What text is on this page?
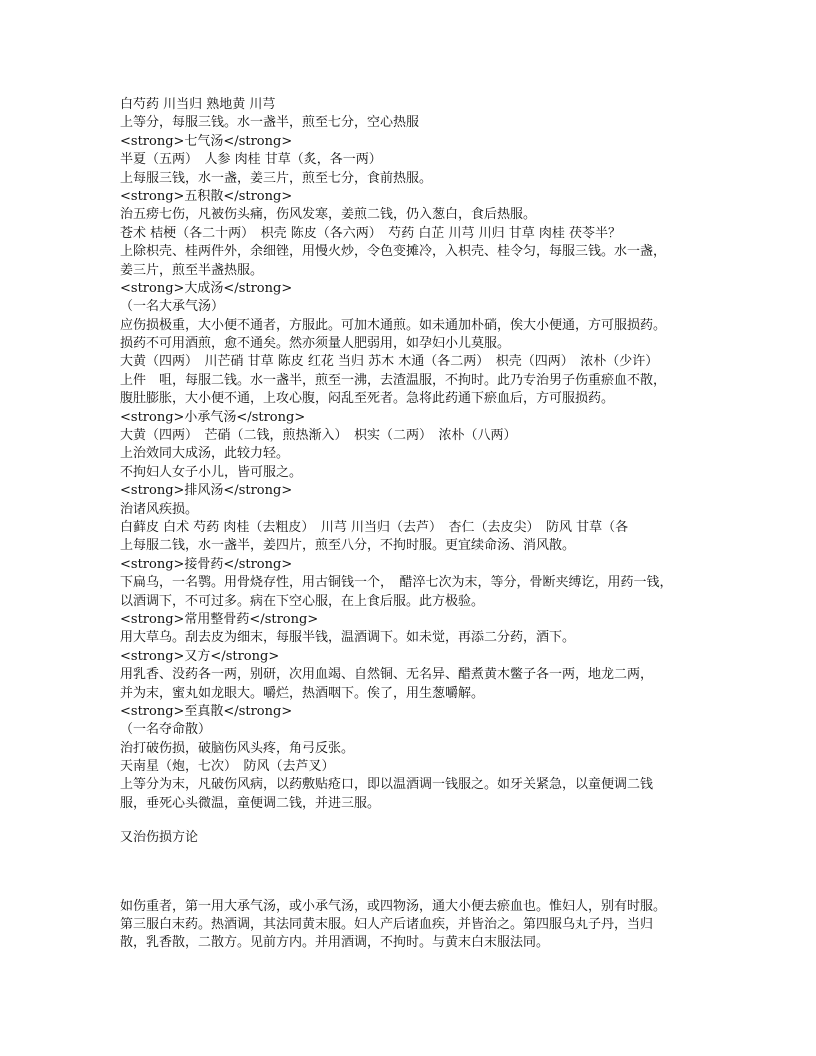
白芍药 川当归 熟地黄 川芎
上等分，每服三钱。水一盏半，煎至七分，空心热服
<strong>七气汤</strong>
半夏（五两）　人参 肉桂 甘草（炙，各一两）
上每服三钱，水一盏，姜三片，煎至七分，食前热服。
<strong>五积散</strong>
治五痨七伤，凡被伤头痛，伤风发寒，姜煎二钱，仍入葱白，食后热服。
苍术 桔梗（各二十两）　枳壳 陈皮（各六两）　芍药 白芷 川芎 川归 甘草 肉桂 茯苓半？
上除枳壳、桂两件外，余细锉，用慢火炒，令色变摊冷，入枳壳、桂令匀，每服三钱。水一盏，
姜三片，煎至半盏热服。
<strong>大成汤</strong>
（一名大承气汤）
应伤损极重，大小便不通者，方服此。可加木通煎。如未通加朴硝，俟大小便通，方可服损药。
损药不可用酒煎，愈不通矣。然亦须量人肥弱用，如孕妇小儿莫服。
大黄（四两）　川芒硝 甘草 陈皮 红花 当归 苏木 木通（各二两）　枳壳（四两）　浓朴（少许）
上件　咀，每服二钱。水一盏半，煎至一沸，去渣温服，不拘时。此乃专治男子伤重瘀血不散，
腹肚膨胀，大小便不通，上攻心腹，闷乱至死者。急将此药通下瘀血后，方可服损药。
<strong>小承气汤</strong>
大黄（四两）　芒硝（二钱，煎热渐入）　枳实（二两）　浓朴（八两）
上治效同大成汤，此较力轻。
不拘妇人女子小儿，皆可服之。
<strong>排风汤</strong>
治诸风疾损。
白藓皮 白术 芍药 肉桂（去粗皮）　川芎 川当归（去芦）　杏仁（去皮尖）　防风 甘草（各
上每服二钱，水一盏半，姜四片，煎至八分，不拘时服。更宜续命汤、消风散。
<strong>接骨药</strong>
下扁乌，一名鹗。用骨烧存性，用古铜钱一个，　醋淬七次为末，等分，骨断夹缚讫，用药一钱，
以酒调下，不可过多。病在下空心服，在上食后服。此方极验。
<strong>常用整骨药</strong>
用大草乌。刮去皮为细末，每服半钱，温酒调下。如未觉，再添二分药，酒下。
<strong>又方</strong>
用乳香、没药各一两，别研，次用血竭、自然铜、无名异、醋煮黄木鳖子各一两，地龙二两，
并为末，蜜丸如龙眼大。嚼烂，热酒咽下。俟了，用生葱嚼解。
<strong>至真散</strong>
（一名夺命散）
治打破伤损，破脑伤风头疼，角弓反张。
天南星（炮，七次）　防风（去芦叉）
上等分为末，凡破伤风病，以药敷贴疮口，即以温酒调一钱服之。如牙关紧急，以童便调二钱
服，垂死心头微温，童便调二钱，并进三服。
又治伤损方论
如伤重者，第一用大承气汤，或小承气汤，或四物汤，通大小便去瘀血也。惟妇人，别有时服。
第三服白末药。热酒调，其法同黄末服。妇人产后诸血疾，并皆治之。第四服乌丸子丹，当归
散，乳香散，二散方。见前方内。并用酒调，不拘时。与黄末白末服法同。
